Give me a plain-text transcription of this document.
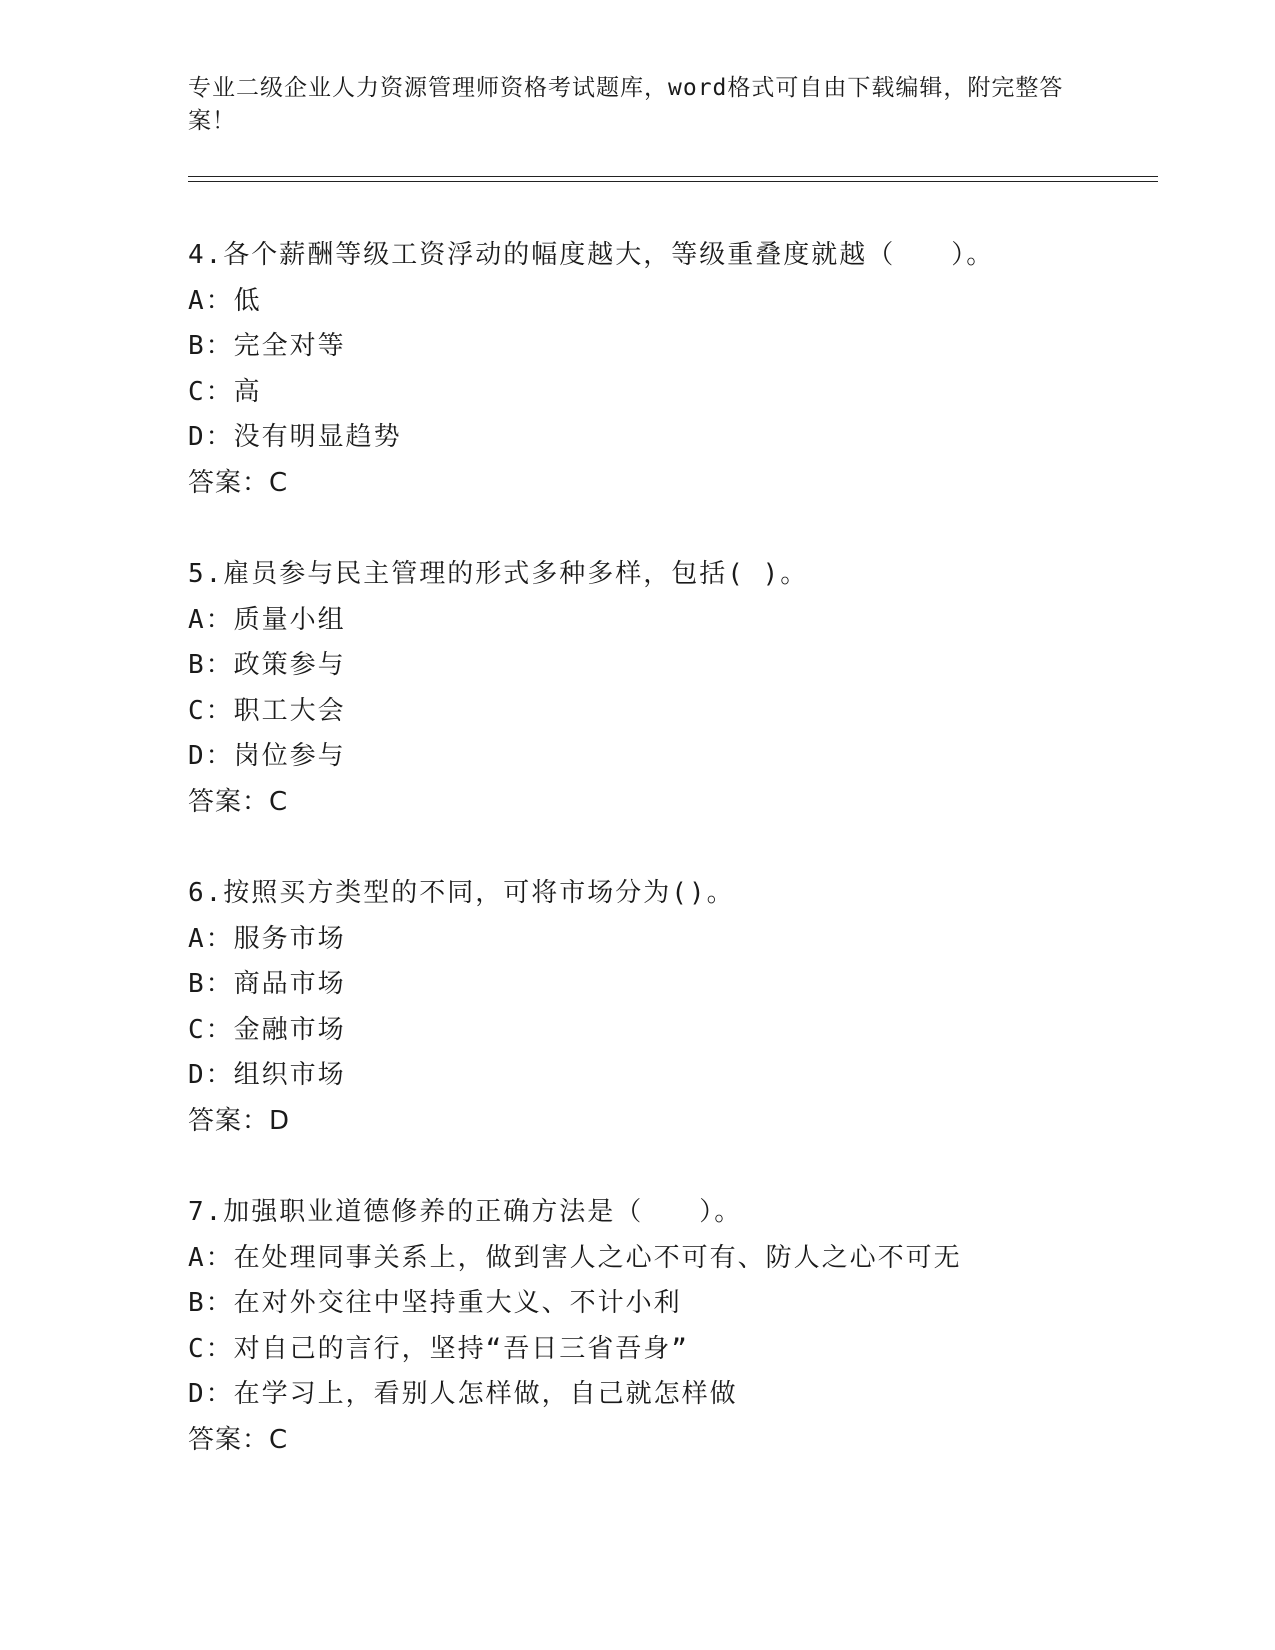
专业二级企业人力资源管理师资格考试题库，word格式可自由下载编辑，附完整答案！
4.各个薪酬等级工资浮动的幅度越大，等级重叠度就越（　　）。
A：低
B：完全对等
C：高
D：没有明显趋势
答案：C
5.雇员参与民主管理的形式多种多样，包括( )。
A：质量小组
B：政策参与
C：职工大会
D：岗位参与
答案：C
6.按照买方类型的不同，可将市场分为()。
A：服务市场
B：商品市场
C：金融市场
D：组织市场
答案：D
7.加强职业道德修养的正确方法是（　　）。
A：在处理同事关系上，做到害人之心不可有、防人之心不可无
B：在对外交往中坚持重大义、不计小利
C：对自己的言行，坚持“吾日三省吾身”
D：在学习上，看别人怎样做，自己就怎样做
答案：C
